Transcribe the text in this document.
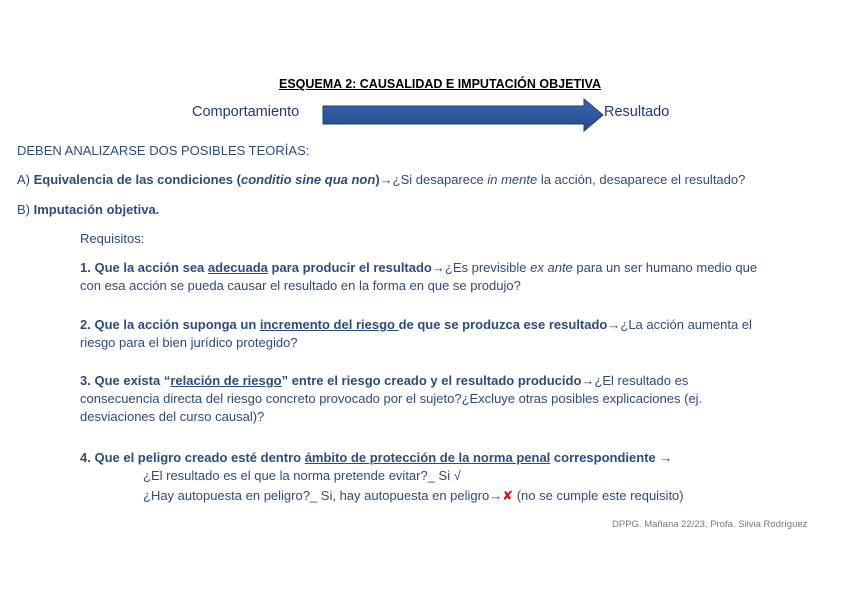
ESQUEMA 2: CAUSALIDAD E IMPUTACIÓN OBJETIVA
Comportamiento	Resultado
DEBEN ANALIZARSE DOS POSIBLES TEORÍAS:
A) Equivalencia de las condiciones (conditio sine qua non)→¿Si desaparece in mente la acción, desaparece el resultado?
B) Imputación objetiva.
Requisitos:
1. Que la acción sea adecuada para producir el resultado→¿Es previsible ex ante para un ser humano medio que
con esa acción se pueda causar el resultado en la forma en que se produjo?
2. Que la acción suponga un incremento del riesgo de que se produzca ese resultado→¿La acción aumenta el
riesgo para el bien jurídico protegido?
3. Que exista “relación de riesgo” entre el riesgo creado y el resultado producido→¿El resultado es
consecuencia directa del riesgo concreto provocado por el sujeto?¿Excluye otras posibles explicaciones (ej.
desviaciones del curso causal)?
4. Que el peligro creado esté dentro ámbito de protección de la norma penal correspondiente →
¿El resultado es el que la norma pretende evitar?_ Si √
¿Hay autopuesta en peligro?_ Si, hay autopuesta en peligro→✘ (no se cumple este requisito)
DPPG. Mañana 22/23. Profa. Silvia Rodríguez
